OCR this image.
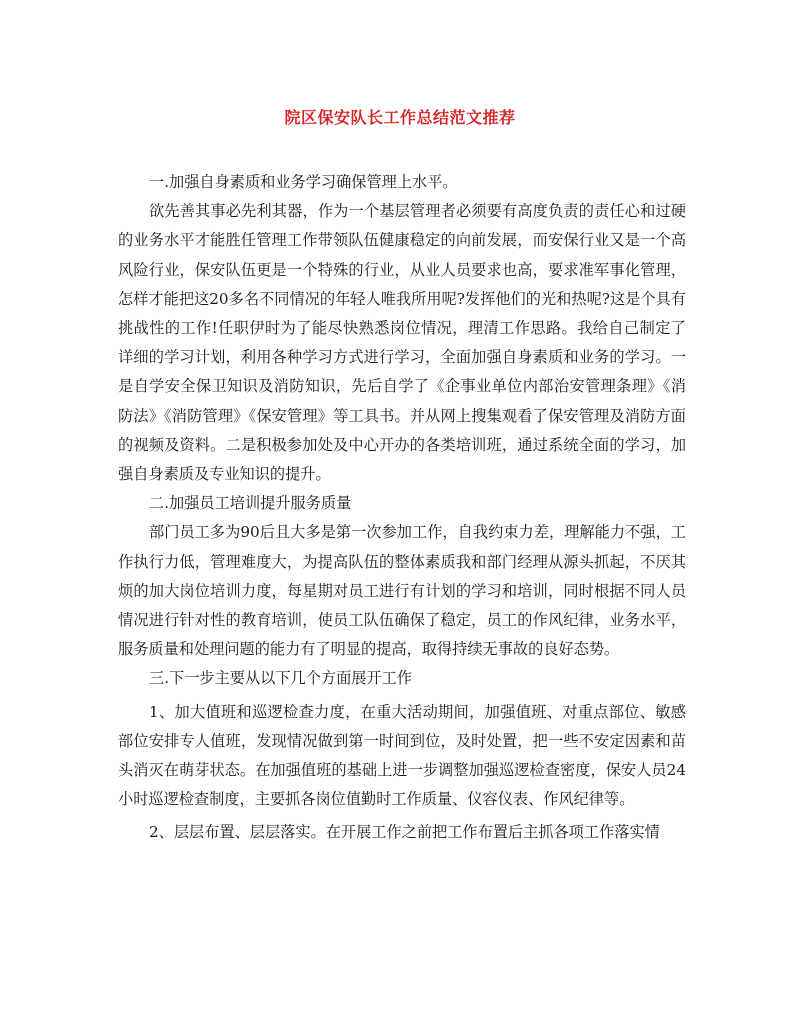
院区保安队长工作总结范文推荐

一.加强自身素质和业务学习确保管理上水平。

欲先善其事必先利其器，作为一个基层管理者必须要有高度负责的责任心和过硬的业务水平才能胜任管理工作带领队伍健康稳定的向前发展，而安保行业又是一个高风险行业，保安队伍更是一个特殊的行业，从业人员要求也高，要求准军事化管理，怎样才能把这20多名不同情况的年轻人唯我所用呢?发挥他们的光和热呢?这是个具有挑战性的工作!任职伊时为了能尽快熟悉岗位情况，理清工作思路。我给自己制定了详细的学习计划，利用各种学习方式进行学习，全面加强自身素质和业务的学习。一是自学安全保卫知识及消防知识，先后自学了《企事业单位内部治安管理条理》《消防法》《消防管理》《保安管理》等工具书。并从网上搜集观看了保安管理及消防方面的视频及资料。二是积极参加处及中心开办的各类培训班，通过系统全面的学习，加强自身素质及专业知识的提升。

二.加强员工培训提升服务质量

部门员工多为90后且大多是第一次参加工作，自我约束力差，理解能力不强，工作执行力低，管理难度大，为提高队伍的整体素质我和部门经理从源头抓起，不厌其烦的加大岗位培训力度，每星期对员工进行有计划的学习和培训，同时根据不同人员情况进行针对性的教育培训，使员工队伍确保了稳定，员工的作风纪律，业务水平，服务质量和处理问题的能力有了明显的提高，取得持续无事故的良好态势。

三.下一步主要从以下几个方面展开工作

1、加大值班和巡逻检查力度，在重大活动期间，加强值班、对重点部位、敏感部位安排专人值班，发现情况做到第一时间到位，及时处置，把一些不安定因素和苗头消灭在萌芽状态。在加强值班的基础上进一步调整加强巡逻检查密度，保安人员24小时巡逻检查制度，主要抓各岗位值勤时工作质量、仪容仪表、作风纪律等。

2、层层布置、层层落实。在开展工作之前把工作布置后主抓各项工作落实情
